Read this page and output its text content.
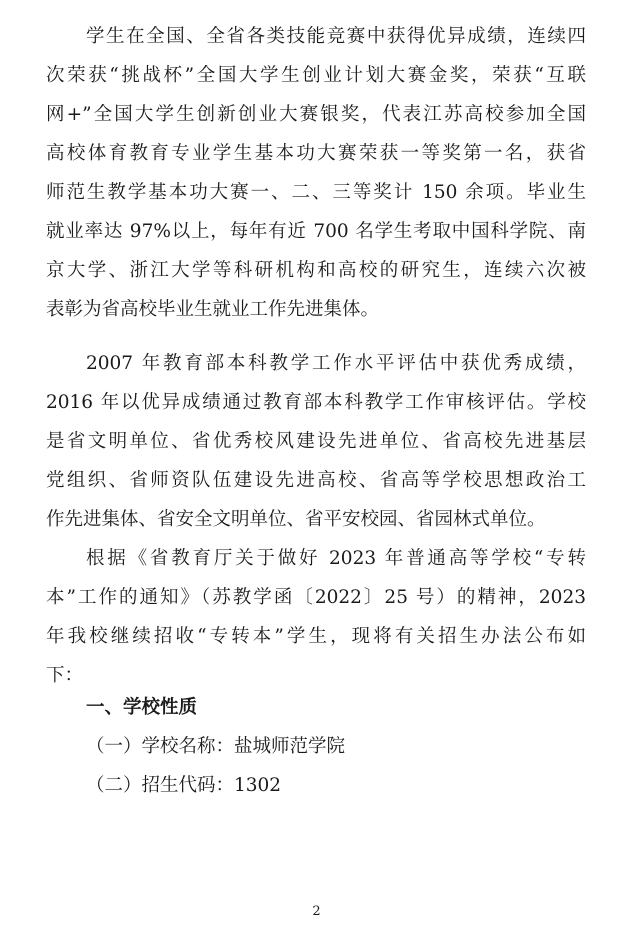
学生在全国、全省各类技能竞赛中获得优异成绩，连续四
次荣获“挑战杯”全国大学生创业计划大赛金奖，荣获“互联
网+”全国大学生创新创业大赛银奖，代表江苏高校参加全国
高校体育教育专业学生基本功大赛荣获一等奖第一名，获省
师范生教学基本功大赛一、二、三等奖计 150 余项。毕业生
就业率达 97%以上，每年有近 700 名学生考取中国科学院、南
京大学、浙江大学等科研机构和高校的研究生，连续六次被
表彰为省高校毕业生就业工作先进集体。
2007 年教育部本科教学工作水平评估中获优秀成绩，
2016 年以优异成绩通过教育部本科教学工作审核评估。学校
是省文明单位、省优秀校风建设先进单位、省高校先进基层
党组织、省师资队伍建设先进高校、省高等学校思想政治工
作先进集体、省安全文明单位、省平安校园、省园林式单位。
根据《省教育厅关于做好 2023 年普通高等学校“专转
本”工作的通知》（苏教学函〔2022〕25 号）的精神，2023
年我校继续招收“专转本”学生，现将有关招生办法公布如
下：
一、学校性质
（一）学校名称：盐城师范学院
（二）招生代码：1302
2
